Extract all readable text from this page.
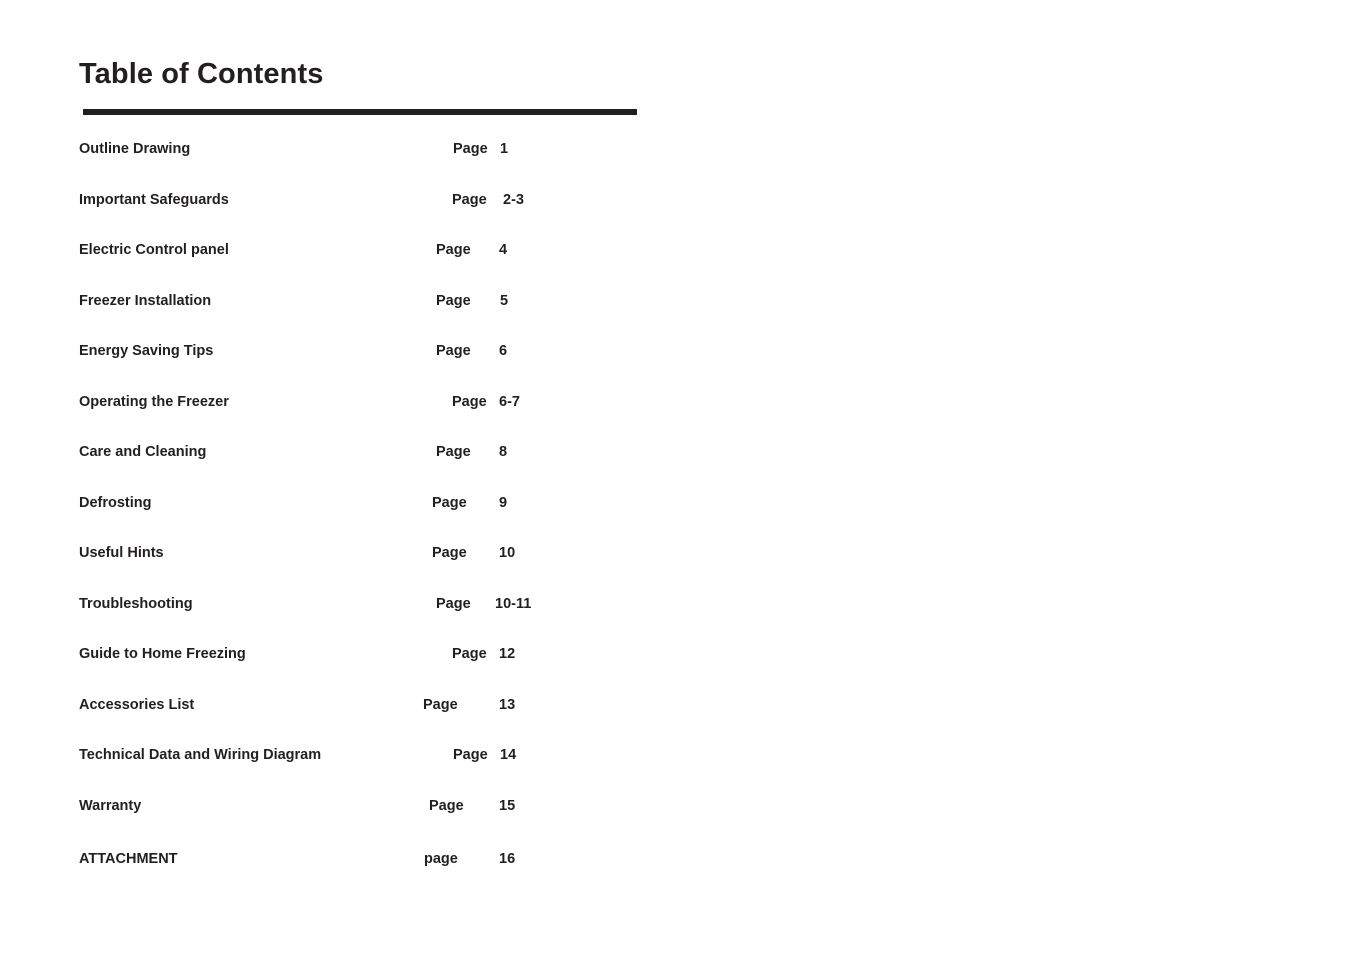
Table of Contents
Outline Drawing	Page 1
Important Safeguards	Page 2-3
Electric Control panel	Page 4
Freezer Installation	Page 5
Energy Saving Tips	Page 6
Operating the Freezer	Page 6-7
Care and Cleaning	Page 8
Defrosting	Page 9
Useful Hints	Page 10
Troubleshooting	Page 10-11
Guide to Home Freezing	Page 12
Accessories List	Page	13
Technical Data and Wiring Diagram	Page 14
Warranty	Page 15
ATTACHMENT	page	16
